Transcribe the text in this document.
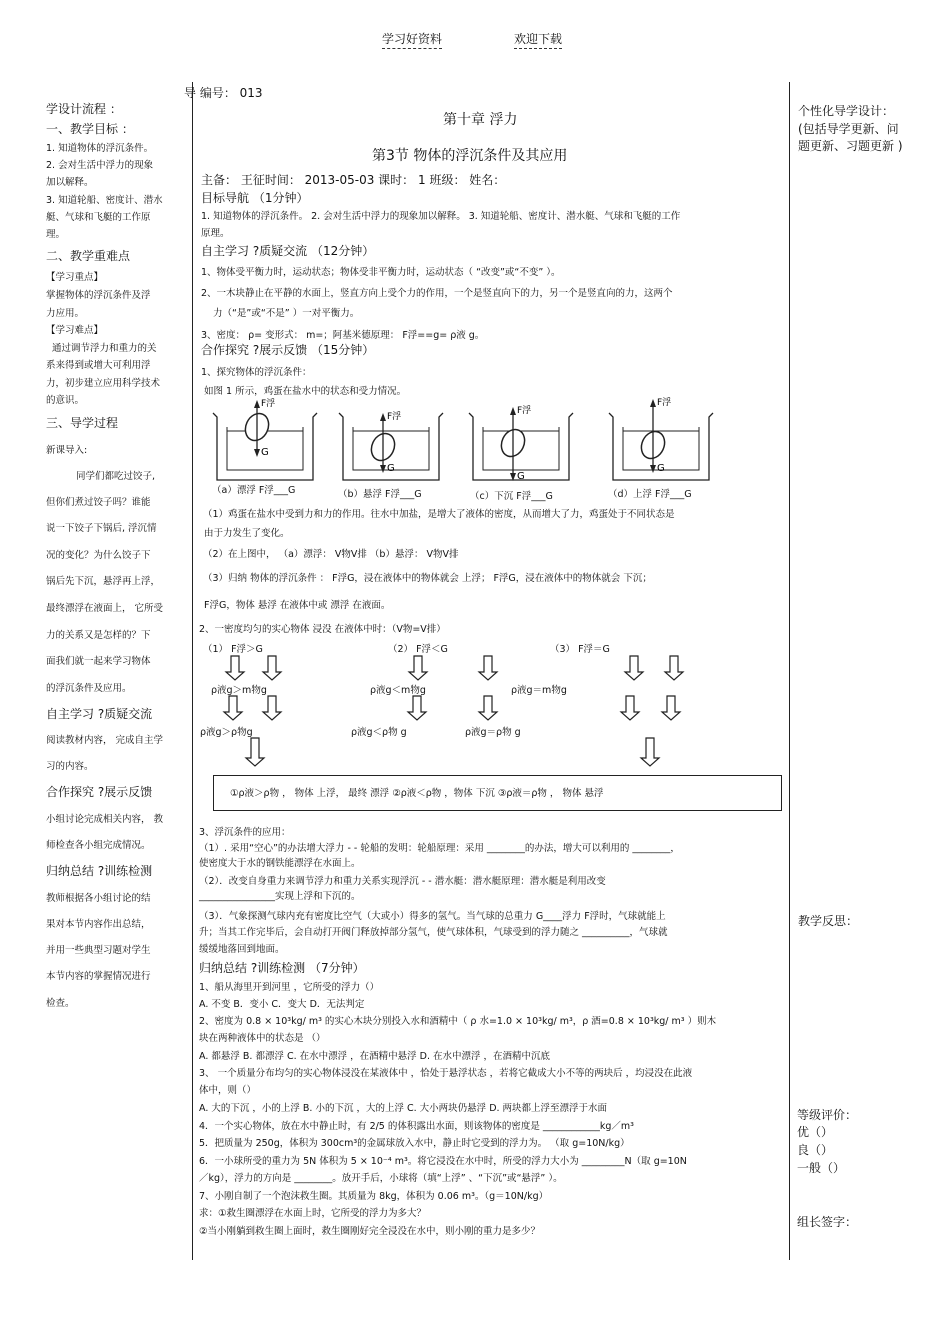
学习好资料	欢迎下载
导 编号： 013
学设计流程 ：
一、教学目标 ：
1. 知道物体的浮沉条件。
2. 会对生活中浮力的现象
加以解释。
3. 知道轮船、密度计、潜水
艇、气球和飞艇的工作原
理。
二、教学重难点
【学习重点】
掌握物体的浮沉条件及浮
力应用。
【学习难点】
通过调节浮力和重力的关
系来得到或增大可利用浮
力，初步建立应用科学技术
的意识。
三、导学过程
新课导入:
同学们都吃过饺子,
但你们煮过饺子吗？谁能
说一下饺子下锅后, 浮沉情
况的变化？为什么饺子下
锅后先下沉，悬浮再上浮，
最终漂浮在液面上， 它所受
力的关系又是怎样的？下
面我们就一起来学习物体
的浮沉条件及应用。
自主学习 ?质疑交流
阅读教材内容， 完成自主学
习的内容。
合作探究 ?展示反馈
小组讨论完成相关内容， 教
师检查各小组完成情况。
归纳总结 ?训练检测
教师根据各小组讨论的结
果对本节内容作出总结，
并用一些典型习题对学生
本节内容的掌握情况进行
检查。
个性化导学设计：
(包括导学更新、问
题更新、习题更新 )
教学反思：
等级评价：
优（）
良（）
一般（）
组长签字：
第十章 浮力
第3节 物体的浮沉条件及其应用
主备： 王征时间： 2013-05-03 课时： 1 班级： 姓名：
目标导航 （1分钟）
1. 知道物体的浮沉条件。 2. 会对生活中浮力的现象加以解释。 3. 知道轮船、密度计、潜水艇、气球和飞艇的工作
原理。
自主学习 ?质疑交流 （12分钟）
1、物体受平衡力时，运动状态；物体受非平衡力时，运动状态（ “改变”或“不变” ）。
2、一木块静止在平静的水面上，竖直方向上受个力的作用，一个是竖直向下的力，另一个是竖直向的力，这两个
力（“是”或“不是” ）一对平衡力。
3、密度： ρ= 变形式： m=；阿基米德原理： F浮==g= ρ液 g。
合作探究 ?展示反馈 （15分钟）
1、探究物体的浮沉条件：
如图 1 所示，鸡蛋在盐水中的状态和受力情况。
F浮
G
F浮
G
F浮
G
F浮
G
（a）漂浮 F浮___G	（b）悬浮 F浮___G	（c）下沉 F浮___G	（d）上浮 F浮___G
（1）鸡蛋在盐水中受到力和力的作用。往水中加盐，是增大了液体的密度，从而增大了力，鸡蛋处于不同状态是
由于力发生了变化。
（2）在上图中， （a）漂浮： V物V排 （b）悬浮： V物V排
（3）归纳 物体的浮沉条件 ： F浮G，浸在液体中的物体就会 上浮； F浮G，浸在液体中的物体就会 下沉；
F浮G，物体 悬浮 在液体中或 漂浮 在液面。
2、一密度均匀的实心物体 浸没 在液体中时：（V物=V排）
（1） F浮＞G	（2） F浮＜G	（3） F浮＝G
ρ液g＞m物g	ρ液g＜m物g	ρ液g＝m物g
ρ液g＞ρ物g	ρ液g＜ρ物 g	ρ液g＝ρ物 g
①ρ液＞ρ物 ， 物体 上浮， 最终 漂浮 ②ρ液＜ρ物 ，物体 下沉 ③ρ液＝ρ物 ， 物体 悬浮
3、浮沉条件的应用：
（1）. 采用“空心”的办法增大浮力 - - 轮船的发明：轮船原理：采用 ________的办法，增大可以利用的 ________，
使密度大于水的钢铁能漂浮在水面上。
（2）．改变自身重力来调节浮力和重力关系实现浮沉 - - 潜水艇：潜水艇原理：潜水艇是利用改变
________________实现上浮和下沉的。
（3）．气象探测气球内充有密度比空气（大或小）得多的氢气。当气球的总重力 G____浮力 F浮时，气球就能上
升；当其工作完毕后，会自动打开阀门释放掉部分氢气，使气球体积，气球受到的浮力随之 __________，气球就
缓缓地落回到地面。
归纳总结 ?训练检测 （7分钟）
1、船从海里开到河里 ，它所受的浮力（）
A. 不变 B．变小 C．变大 D．无法判定
2、密度为 0.8 × 10³kg/ m³ 的实心木块分别投入水和酒精中（ ρ 水=1.0 × 10³kg/ m³，ρ 酒=0.8 × 10³kg/ m³ ）则木
块在两种液体中的状态是 （）
A. 都悬浮 B. 都漂浮 C. 在水中漂浮 ，在酒精中悬浮 D. 在水中漂浮 ，在酒精中沉底
3、 一个质量分布均匀的实心物体浸没在某液体中 ，恰处于悬浮状态 ，若将它截成大小不等的两块后 ，均浸没在此液
体中，则（）
A. 大的下沉 ，小的上浮 B. 小的下沉 ，大的上浮 C. 大小两块仍悬浮 D. 两块都上浮至漂浮于水面
4．一个实心物体，放在水中静止时，有 2/5 的体积露出水面，则该物体的密度是 ____________kg／m³
5．把质量为 250g，体积为 300cm³的金属球放入水中，静止时它受到的浮力为。 （取 g=10N/kg）
6．一小球所受的重力为 5N 体积为 5 × 10⁻⁴ m³。将它浸没在水中时，所受的浮力大小为 _________N（取 g=10N
／kg），浮力的方向是 ________。放开手后，小球将（填“上浮” 、“下沉”或“悬浮” ）。
7、小刚自制了一个泡沫救生圈。其质量为 8kg，体积为 0.06 m³。（g＝10N/kg）
求：①救生圈漂浮在水面上时，它所受的浮力为多大？
②当小刚躺到救生圈上面时，救生圈刚好完全浸没在水中，则小刚的重力是多少？
